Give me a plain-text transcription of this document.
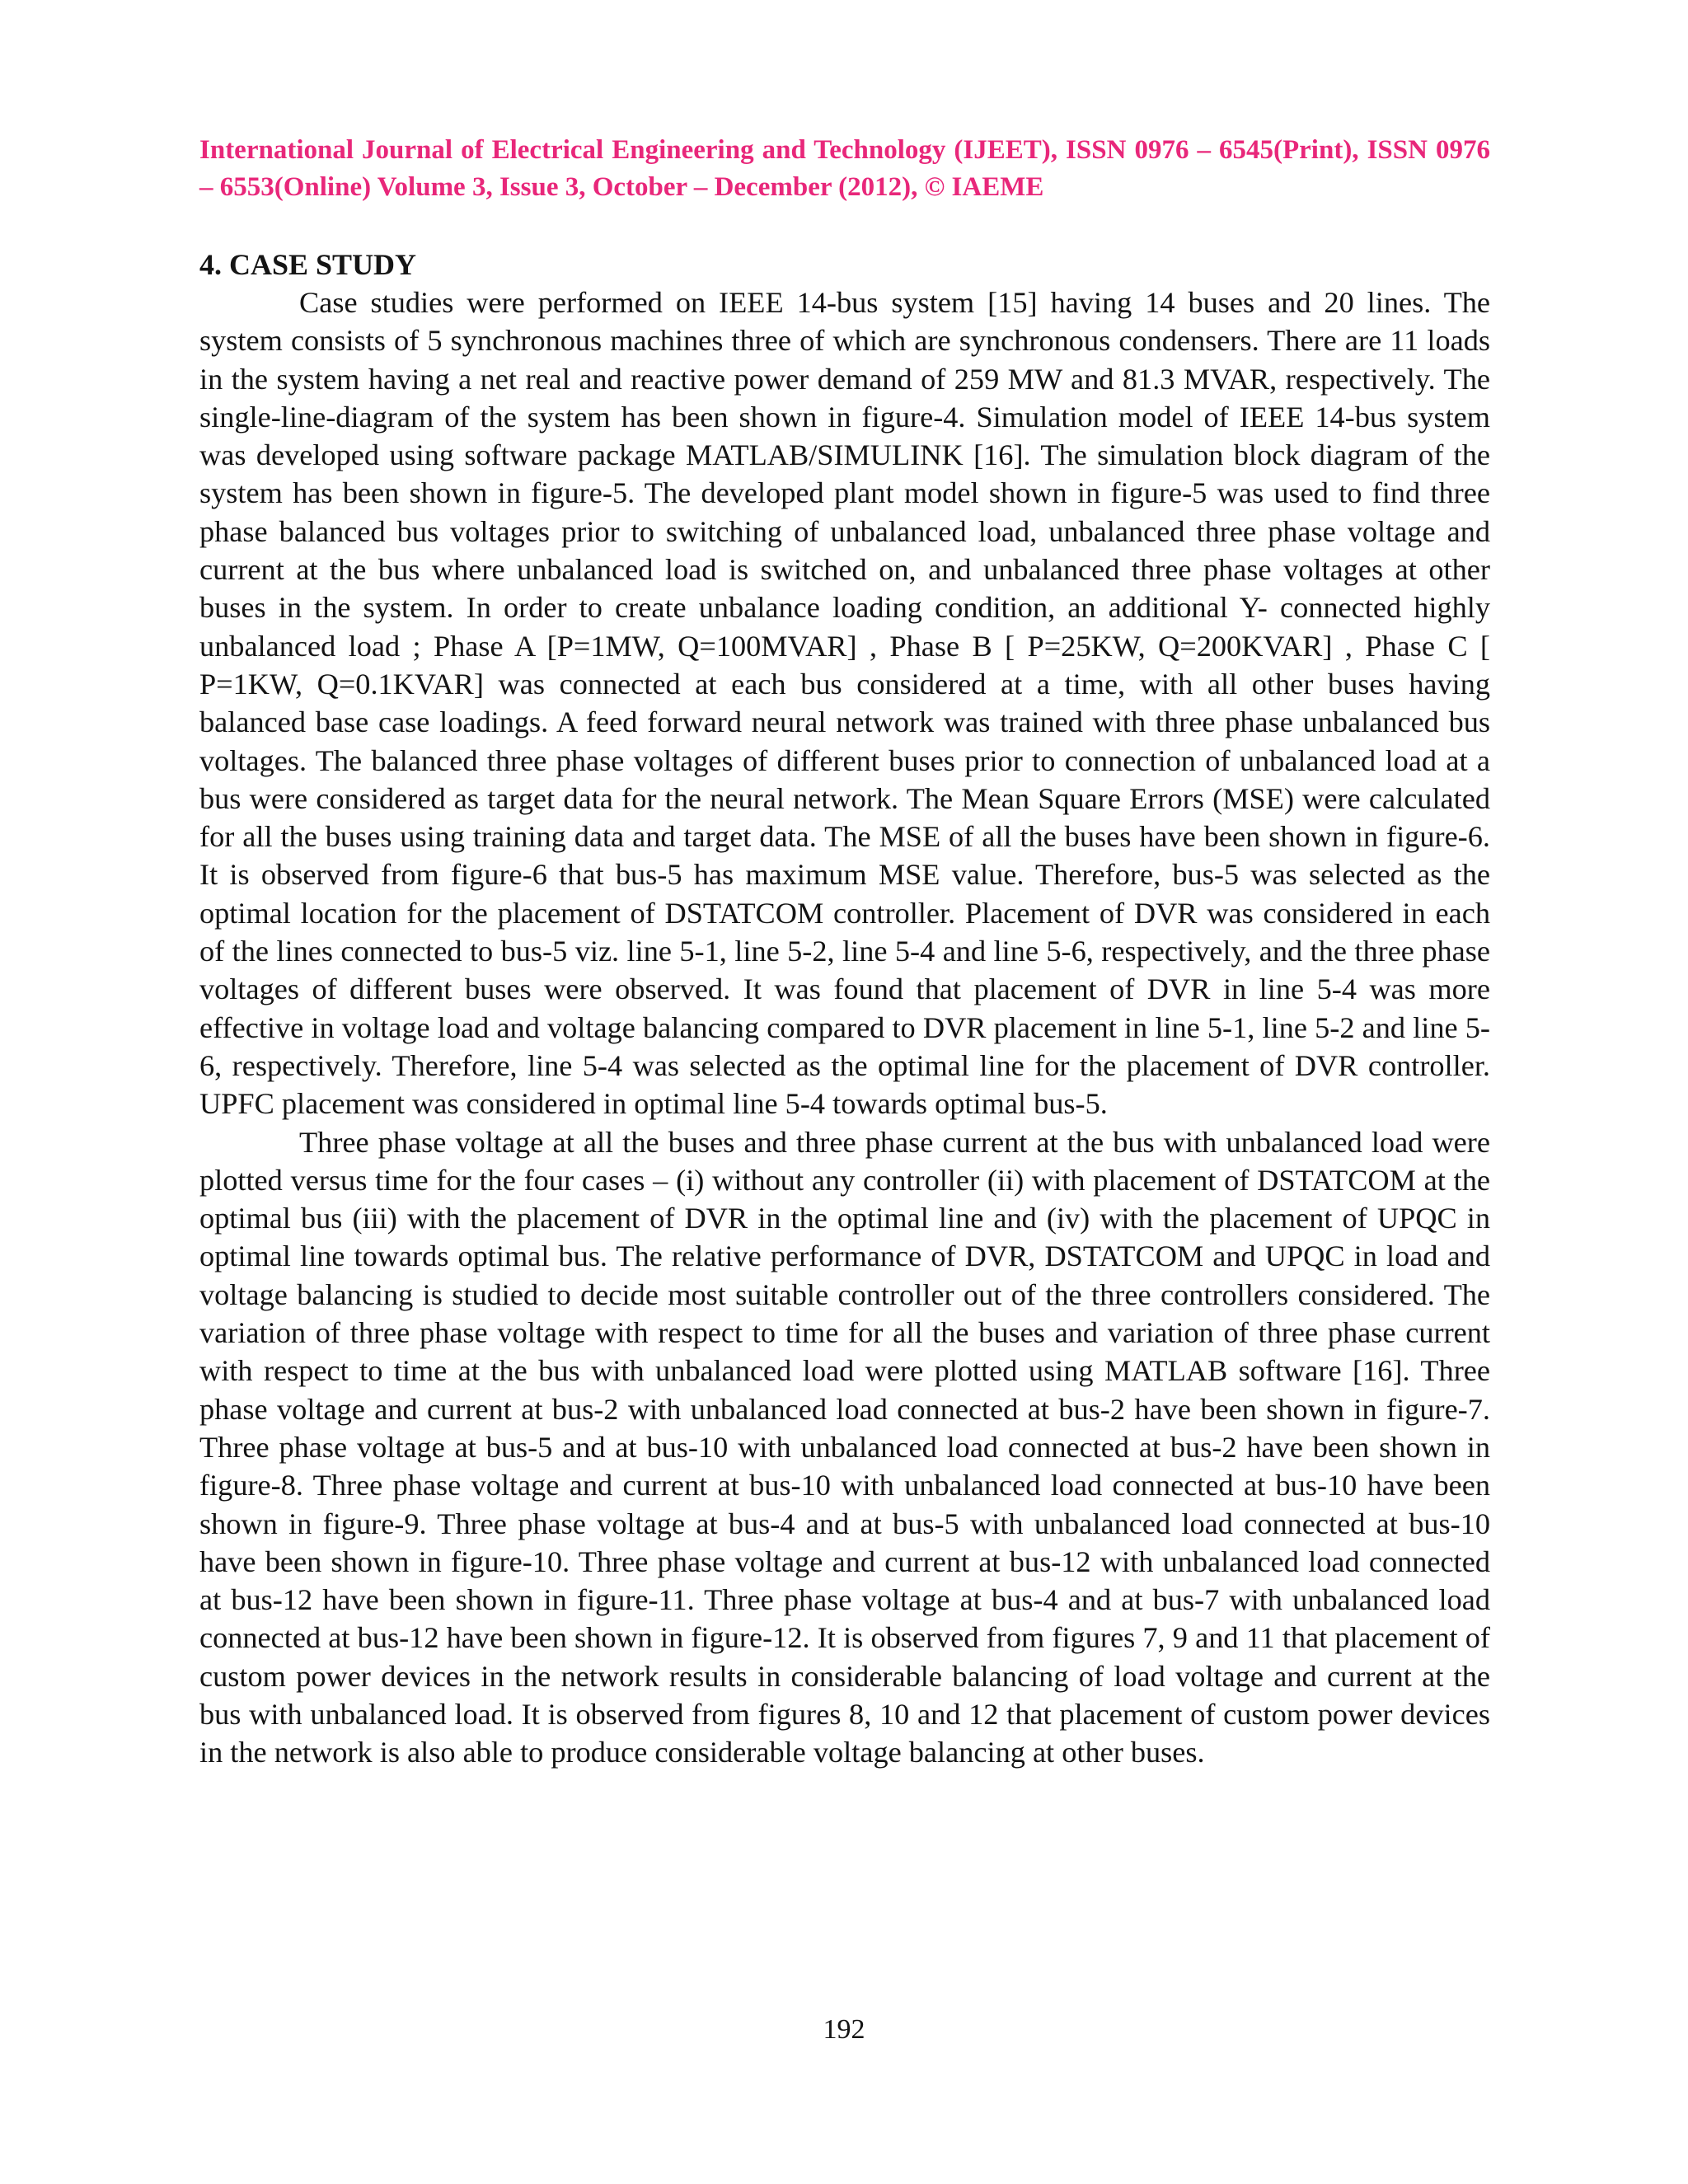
International Journal of Electrical Engineering and Technology (IJEET), ISSN 0976 – 6545(Print), ISSN 0976 – 6553(Online) Volume 3, Issue 3, October – December (2012), © IAEME
4. CASE STUDY

Case studies were performed on IEEE 14-bus system [15] having 14 buses and 20 lines. The system consists of 5 synchronous machines three of which are synchronous condensers. There are 11 loads in the system having a net real and reactive power demand of 259 MW and 81.3 MVAR, respectively. The single-line-diagram of the system has been shown in figure-4. Simulation model of IEEE 14-bus system was developed using software package MATLAB/SIMULINK [16]. The simulation block diagram of the system has been shown in figure-5. The developed plant model shown in figure-5 was used to find three phase balanced bus voltages prior to switching of unbalanced load, unbalanced three phase voltage and current at the bus where unbalanced load is switched on, and unbalanced three phase voltages at other buses in the system. In order to create unbalance loading condition, an additional Y- connected highly unbalanced load ; Phase A [P=1MW, Q=100MVAR] , Phase B [ P=25KW, Q=200KVAR] , Phase C [ P=1KW, Q=0.1KVAR] was connected at each bus considered at a time, with all other buses having balanced base case loadings. A feed forward neural network was trained with three phase unbalanced bus voltages. The balanced three phase voltages of different buses prior to connection of unbalanced load at a bus were considered as target data for the neural network. The Mean Square Errors (MSE) were calculated for all the buses using training data and target data. The MSE of all the buses have been shown in figure-6. It is observed from figure-6 that bus-5 has maximum MSE value. Therefore, bus-5 was selected as the optimal location for the placement of DSTATCOM controller. Placement of DVR was considered in each of the lines connected to bus-5 viz. line 5-1, line 5-2, line 5-4 and line 5-6, respectively, and the three phase voltages of different buses were observed. It was found that placement of DVR in line 5-4 was more effective in voltage load and voltage balancing compared to DVR placement in line 5-1, line 5-2 and line 5-6, respectively. Therefore, line 5-4 was selected as the optimal line for the placement of DVR controller. UPFC placement was considered in optimal line 5-4 towards optimal bus-5.

Three phase voltage at all the buses and three phase current at the bus with unbalanced load were plotted versus time for the four cases – (i) without any controller (ii) with placement of DSTATCOM at the optimal bus (iii) with the placement of DVR in the optimal line and (iv) with the placement of UPQC in optimal line towards optimal bus. The relative performance of DVR, DSTATCOM and UPQC in load and voltage balancing is studied to decide most suitable controller out of the three controllers considered. The variation of three phase voltage with respect to time for all the buses and variation of three phase current with respect to time at the bus with unbalanced load were plotted using MATLAB software [16]. Three phase voltage and current at bus-2 with unbalanced load connected at bus-2 have been shown in figure-7. Three phase voltage at bus-5 and at bus-10 with unbalanced load connected at bus-2 have been shown in figure-8. Three phase voltage and current at bus-10 with unbalanced load connected at bus-10 have been shown in figure-9. Three phase voltage at bus-4 and at bus-5 with unbalanced load connected at bus-10 have been shown in figure-10. Three phase voltage and current at bus-12 with unbalanced load connected at bus-12 have been shown in figure-11. Three phase voltage at bus-4 and at bus-7 with unbalanced load connected at bus-12 have been shown in figure-12. It is observed from figures 7, 9 and 11 that placement of custom power devices in the network results in considerable balancing of load voltage and current at the bus with unbalanced load. It is observed from figures 8, 10 and 12 that placement of custom power devices in the network is also able to produce considerable voltage balancing at other buses.

192
